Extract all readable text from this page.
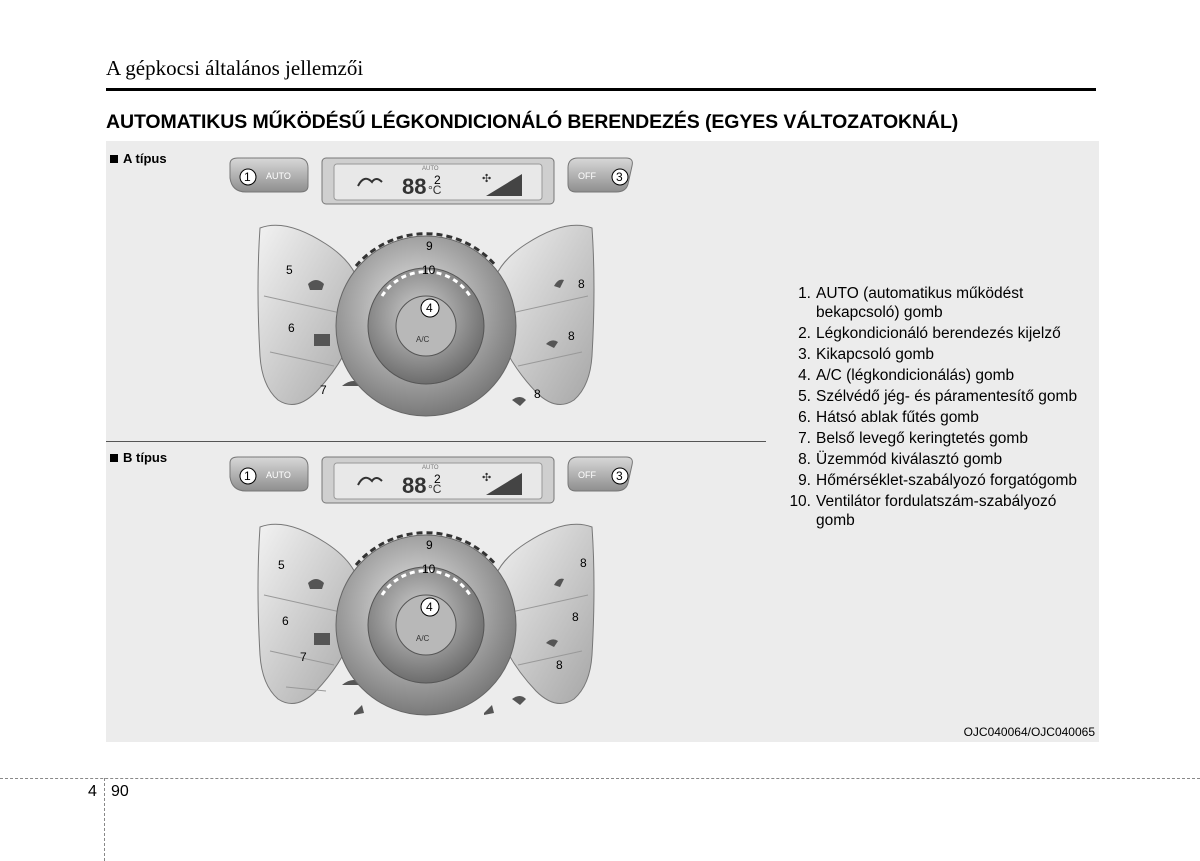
A gépkocsi általános jellemzői
AUTOMATIKUS MŰKÖDÉSŰ LÉGKONDICIONÁLÓ BERENDEZÉS (EGYES VÁLTOZATOKNÁL)
A típus
B típus
AUTO
AUTO
88 °C
✣	OFF
A/C
1	2	3
4
5
6
7
8
8
8
9
10
AUTO
AUTO
88 °C
✣	OFF
A/C
1	2	3
4
5
6
7
8
8
8
9
10
1. AUTO (automatikus működést bekapcsoló) gomb
2. Légkondicionáló berendezés kijelző
3. Kikapcsoló gomb
4. A/C (légkondicionálás) gomb
5. Szélvédő jég- és páramentesítő gomb
6. Hátsó ablak fűtés gomb
7. Belső levegő keringtetés gomb
8. Üzemmód kiválasztó gomb
9. Hőmérséklet-szabályozó forgatógomb
10. Ventilátor fordulatszám-szabályozó gomb
OJC040064/OJC040065
4 90
